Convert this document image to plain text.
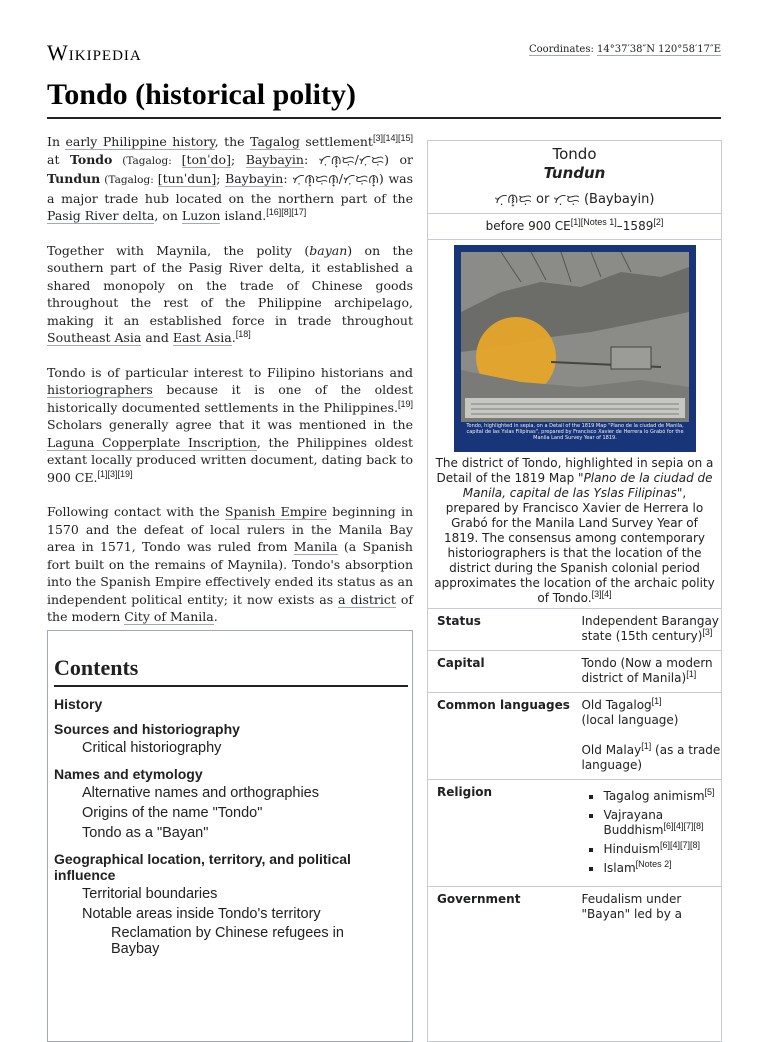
Wikipedia	Coordinates: 14°37′38″N 120°58′17″E
Tondo (historical polity)

In early Philippine history, the Tagalog settlement[3][14][15] at Tondo (Tagalog: [tonˈdo]; Baybayin: ᜆᜓᜈ᜔ᜇᜓ/ᜆᜓᜇᜓ) or Tundun (Tagalog: [tunˈdun]; Baybayin: ᜆᜓᜈ᜔ᜇᜓᜈ᜔/ᜆᜓᜇᜓᜈ᜔) was a major trade hub located on the northern part of the Pasig River delta, on Luzon island.[16][8][17]

Together with Maynila, the polity (bayan) on the southern part of the Pasig River delta, it established a shared monopoly on the trade of Chinese goods throughout the rest of the Philippine archipelago, making it an established force in trade throughout Southeast Asia and East Asia.[18]

Tondo is of particular interest to Filipino historians and historiographers because it is one of the oldest historically documented settlements in the Philippines.[19] Scholars generally agree that it was mentioned in the Laguna Copperplate Inscription, the Philippines oldest extant locally produced written document, dating back to 900 CE.[1][3][19]

Following contact with the Spanish Empire beginning in 1570 and the defeat of local rulers in the Manila Bay area in 1571, Tondo was ruled from Manila (a Spanish fort built on the remains of Maynila). Tondo's absorption into the Spanish Empire effectively ended its status as an independent political entity; it now exists as a district of the modern City of Manila.

Contents
History
Sources and historiography
Critical historiography
Names and etymology
Alternative names and orthographies
Origins of the name "Tondo"
Tondo as a "Bayan"
Geographical location, territory, and political influence
Territorial boundaries
Notable areas inside Tondo's territory
Reclamation by Chinese refugees in Baybay
Tondo
Tundun
ᜆᜓᜈ᜔ᜇᜓ or ᜆᜓᜇᜓ (Baybayin)
before 900 CE[1][Notes 1]–1589[2]
Tondo, highlighted in sepia, on a Detail of the 1819 Map "Plano de la ciudad de Manila, capital de las Yslas Filipinas", prepared by Francisco Xavier de Herrera lo Grabó for the Manila Land Survey Year of 1819.
The district of Tondo, highlighted in sepia on a Detail of the 1819 Map "Plano de la ciudad de Manila, capital de las Yslas Filipinas", prepared by Francisco Xavier de Herrera lo Grabó for the Manila Land Survey Year of 1819. The consensus among contemporary historiographers is that the location of the district during the Spanish colonial period approximates the location of the archaic polity of Tondo.[3][4]
Status	Independent Barangay state (15th century)[3]
Capital	Tondo (Now a modern district of Manila)[1]
Common languages Old Tagalog[1]
(local language)
Old Malay[1] (as a trade language)
Religion
▪	Tagalog animism[5]
▪ Vajrayana Buddhism[6][4][7][8]
▪ Hinduism[6][4][7][8]
▪ Islam[Notes 2]
Government	Feudalism under "Bayan" led by a
